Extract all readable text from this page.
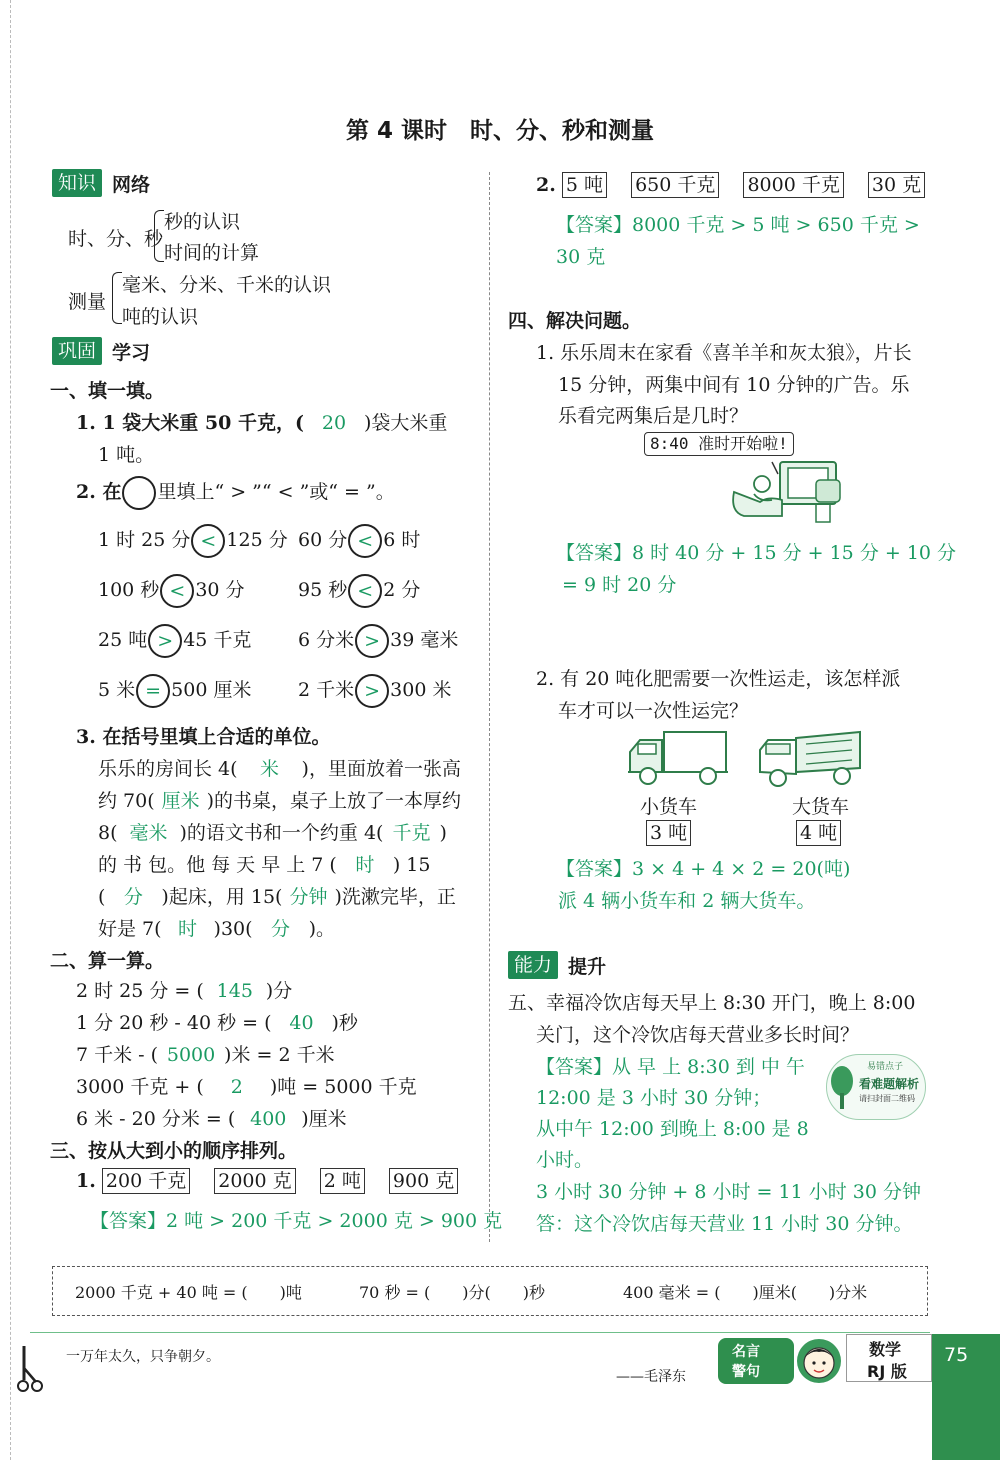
第 4 课时　时、分、秒和测量
知识 网络
时、分、秒
秒的认识
时间的计算
测量
毫米、分米、千米的认识
吨的认识
巩固 学习
一、填一填。
1. 1 袋大米重 50 千克，( 20 )袋大米重
1 吨。
2. 在 里填上“ > ”“ < ”或“ = ”。
1 时 25 分 < 125 分 60 分 < 6 时
100 秒 < 30 分	95 秒 < 2 分
25 吨 > 45 千克 6 分米 > 39 毫米
5 米 = 500 厘米 2 千米 > 300 米
3. 在括号里填上合适的单位。
乐乐的房间长 4( 米 )，里面放着一张高
约 70( 厘米 )的书桌，桌子上放了一本厚约
8( 毫米 )的语文书和一个约重 4( 千克 )
的 书 包。他 每 天 早 上 7 ( 时 ) 15
( 分 )起床，用 15( 分钟 )洗漱完毕，正
好是 7( 时 )30( 分 )。
二、算一算。
2 时 25 分 = ( 145 )分
1 分 20 秒 - 40 秒 = ( 40 )秒
7 千米 - ( 5000 )米 = 2 千米
3000 千克 + ( 2 )吨 = 5000 千克
6 米 - 20 分米 = ( 400 )厘米
三、按从大到小的顺序排列。
1. 200 千克 2000 克 2 吨 900 克
【答案】2 吨 > 200 千克 > 2000 克 > 900 克
2. 5 吨 650 千克 8000 千克 30 克
【答案】8000 千克 > 5 吨 > 650 千克 >
30 克
四、解决问题。
1. 乐乐周末在家看《喜羊羊和灰太狼》，片长
15 分钟，两集中间有 10 分钟的广告。乐
乐看完两集后是几时？
8:40 准时开始啦!
【答案】8 时 40 分 + 15 分 + 15 分 + 10 分
= 9 时 20 分
2. 有 20 吨化肥需要一次性运走，该怎样派
车才可以一次性运完？
小货车
3 吨
大货车
4 吨
【答案】3 × 4 + 4 × 2 = 20(吨)
派 4 辆小货车和 2 辆大货车。
能力 提升
五、幸福冷饮店每天早上 8:30 开门，晚上 8:00
关门，这个冷饮店每天营业多长时间？
【答案】从 早 上 8:30 到 中 午
12:00 是 3 小时 30 分钟；
从中午 12:00 到晚上 8:00 是 8
小时。
3 小时 30 分钟 + 8 小时 = 11 小时 30 分钟
答：这个冷饮店每天营业 11 小时 30 分钟。
易错点子
看难题解析
请扫封面二维码
2000 千克 + 40 吨 = (　　)吨	70 秒 = (　　)分(　　)秒	400 毫米 = (　　)厘米(　　)分米
一万年太久，只争朝夕。
——毛泽东
名言
警句
数学
RJ 版
75
